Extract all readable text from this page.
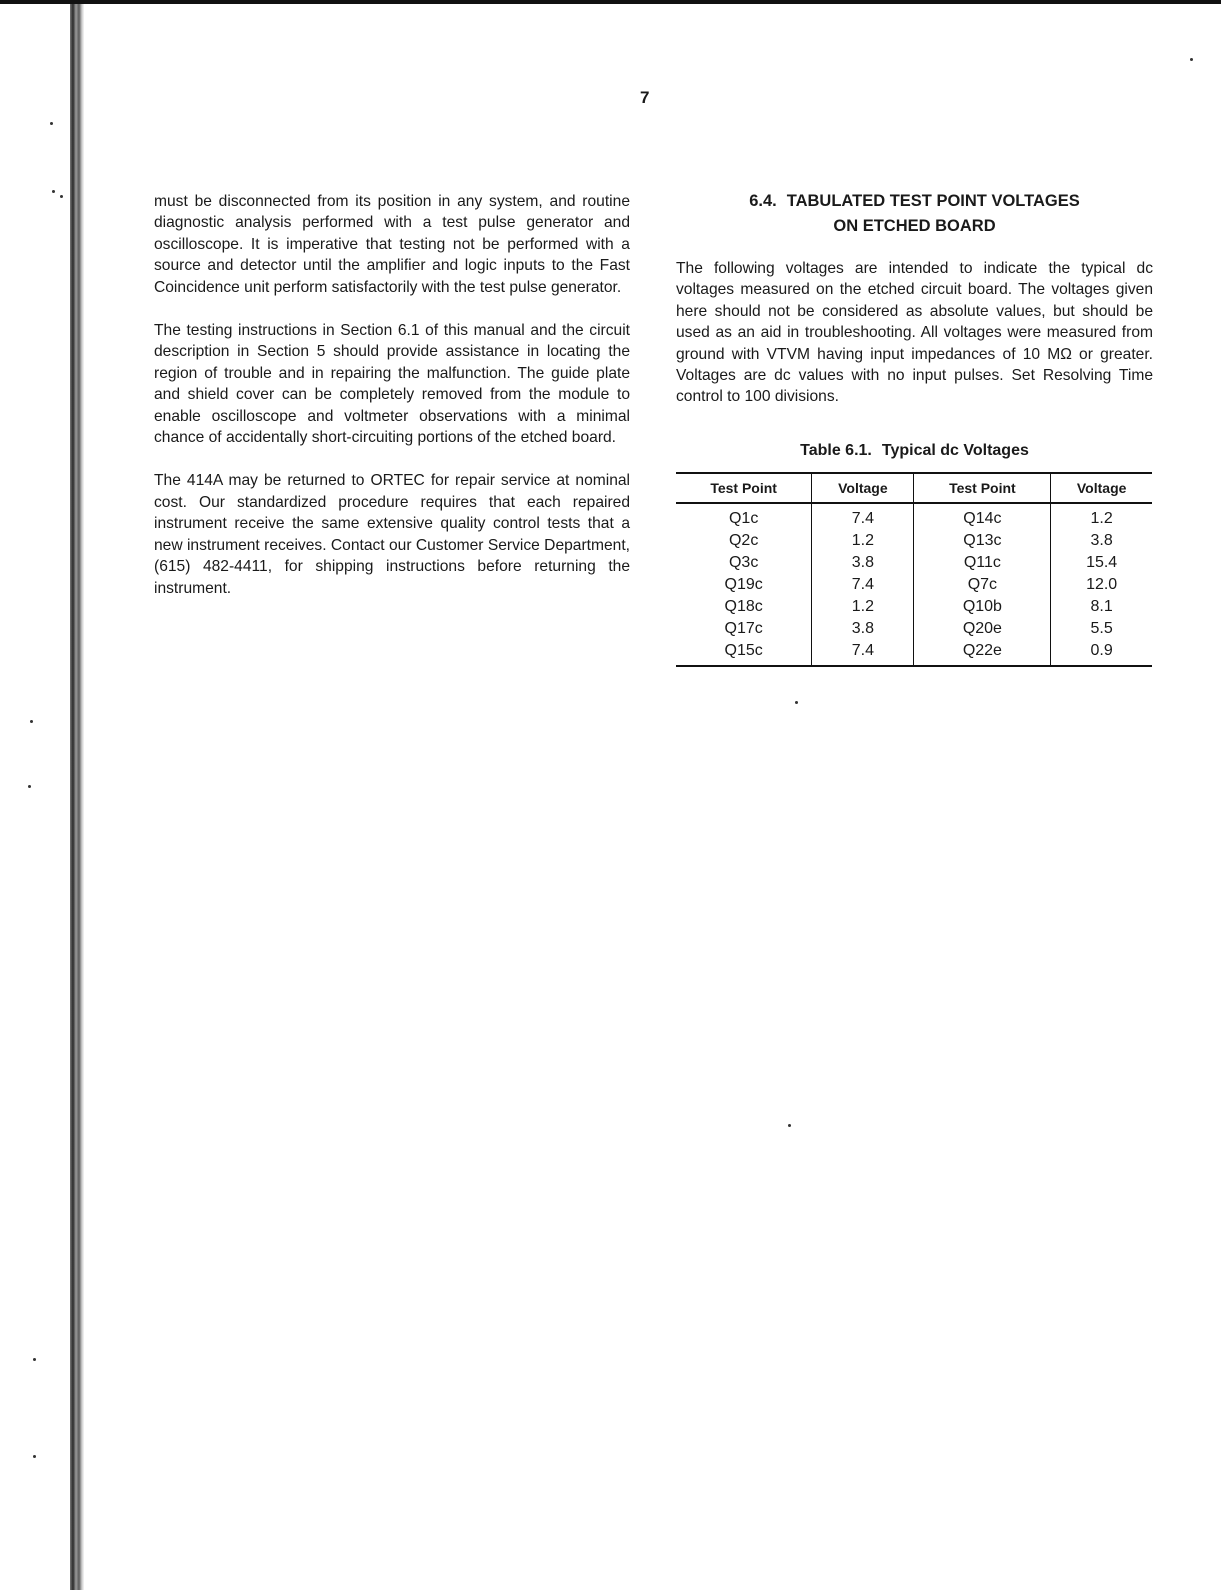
7

must be disconnected from its position in any system, and routine diagnostic analysis performed with a test pulse generator and oscilloscope. It is imperative that testing not be performed with a source and detector until the amplifier and logic inputs to the Fast Coincidence unit perform satisfactorily with the test pulse generator.

The testing instructions in Section 6.1 of this manual and the circuit description in Section 5 should provide assistance in locating the region of trouble and in repairing the malfunction. The guide plate and shield cover can be completely removed from the module to enable oscilloscope and voltmeter observations with a minimal chance of accidentally short-circuiting portions of the etched board.

The 414A may be returned to ORTEC for repair service at nominal cost. Our standardized procedure requires that each repaired instrument receive the same extensive quality control tests that a new instrument receives. Contact our Customer Service Department, (615) 482-4411, for shipping instructions before returning the instrument.

6.4. TABULATED TEST POINT VOLTAGES
ON ETCHED BOARD

The following voltages are intended to indicate the typical dc voltages measured on the etched circuit board. The voltages given here should not be considered as absolute values, but should be used as an aid in troubleshooting. All voltages were measured from ground with VTVM having input impedances of 10 MΩ or greater. Voltages are dc values with no input pulses. Set Resolving Time control to 100 divisions.

Table 6.1. Typical dc Voltages
Test Point	Voltage	Test Point	Voltage
Q1c	7.4	Q14c	1.2
Q2c	1.2	Q13c	3.8
Q3c	3.8	Q11c	15.4
Q19c	7.4	Q7c	12.0
Q18c	1.2	Q10b	8.1
Q17c	3.8	Q20e	5.5
Q15c	7.4	Q22e	0.9
